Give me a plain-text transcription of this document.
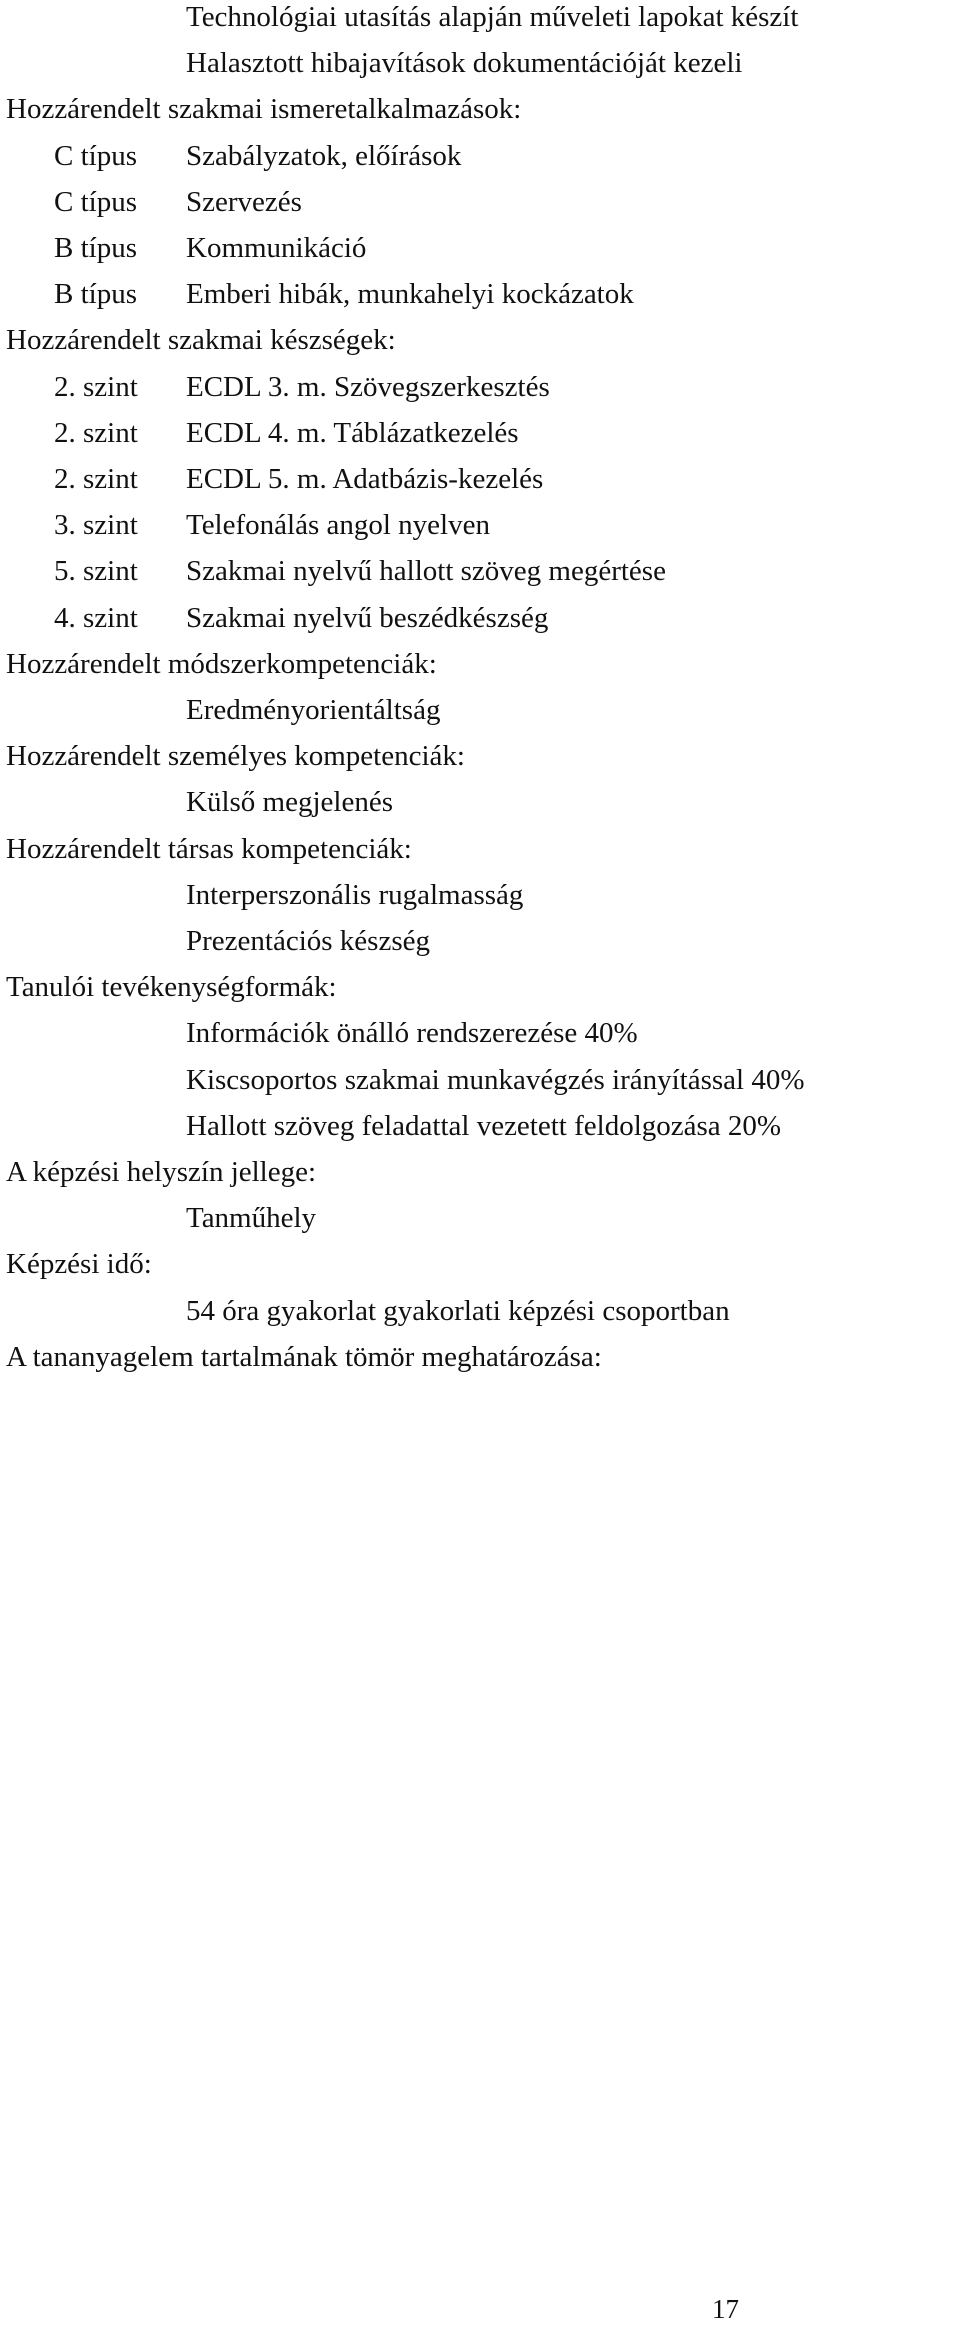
Technológiai utasítás alapján műveleti lapokat készít
Halasztott hibajavítások dokumentációját kezeli
Hozzárendelt szakmai ismeretalkalmazások:
C típus Szabályzatok, előírások
C típus Szervezés
B típus Kommunikáció
B típus Emberi hibák, munkahelyi kockázatok
Hozzárendelt szakmai készségek:
2. szint ECDL 3. m. Szövegszerkesztés
2. szint ECDL 4. m. Táblázatkezelés
2. szint ECDL 5. m. Adatbázis-kezelés
3. szint Telefonálás angol nyelven
5. szint Szakmai nyelvű hallott szöveg megértése
4. szint Szakmai nyelvű beszédkészség
Hozzárendelt módszerkompetenciák:
Eredményorientáltság
Hozzárendelt személyes kompetenciák:
Külső megjelenés
Hozzárendelt társas kompetenciák:
Interperszonális rugalmasság
Prezentációs készség
Tanulói tevékenységformák:
Információk önálló rendszerezése 40%
Kiscsoportos szakmai munkavégzés irányítással 40%
Hallott szöveg feladattal vezetett feldolgozása 20%
A képzési helyszín jellege:
Tanműhely
Képzési idő:
54 óra gyakorlat gyakorlati képzési csoportban
A tananyagelem tartalmának tömör meghatározása:
17
